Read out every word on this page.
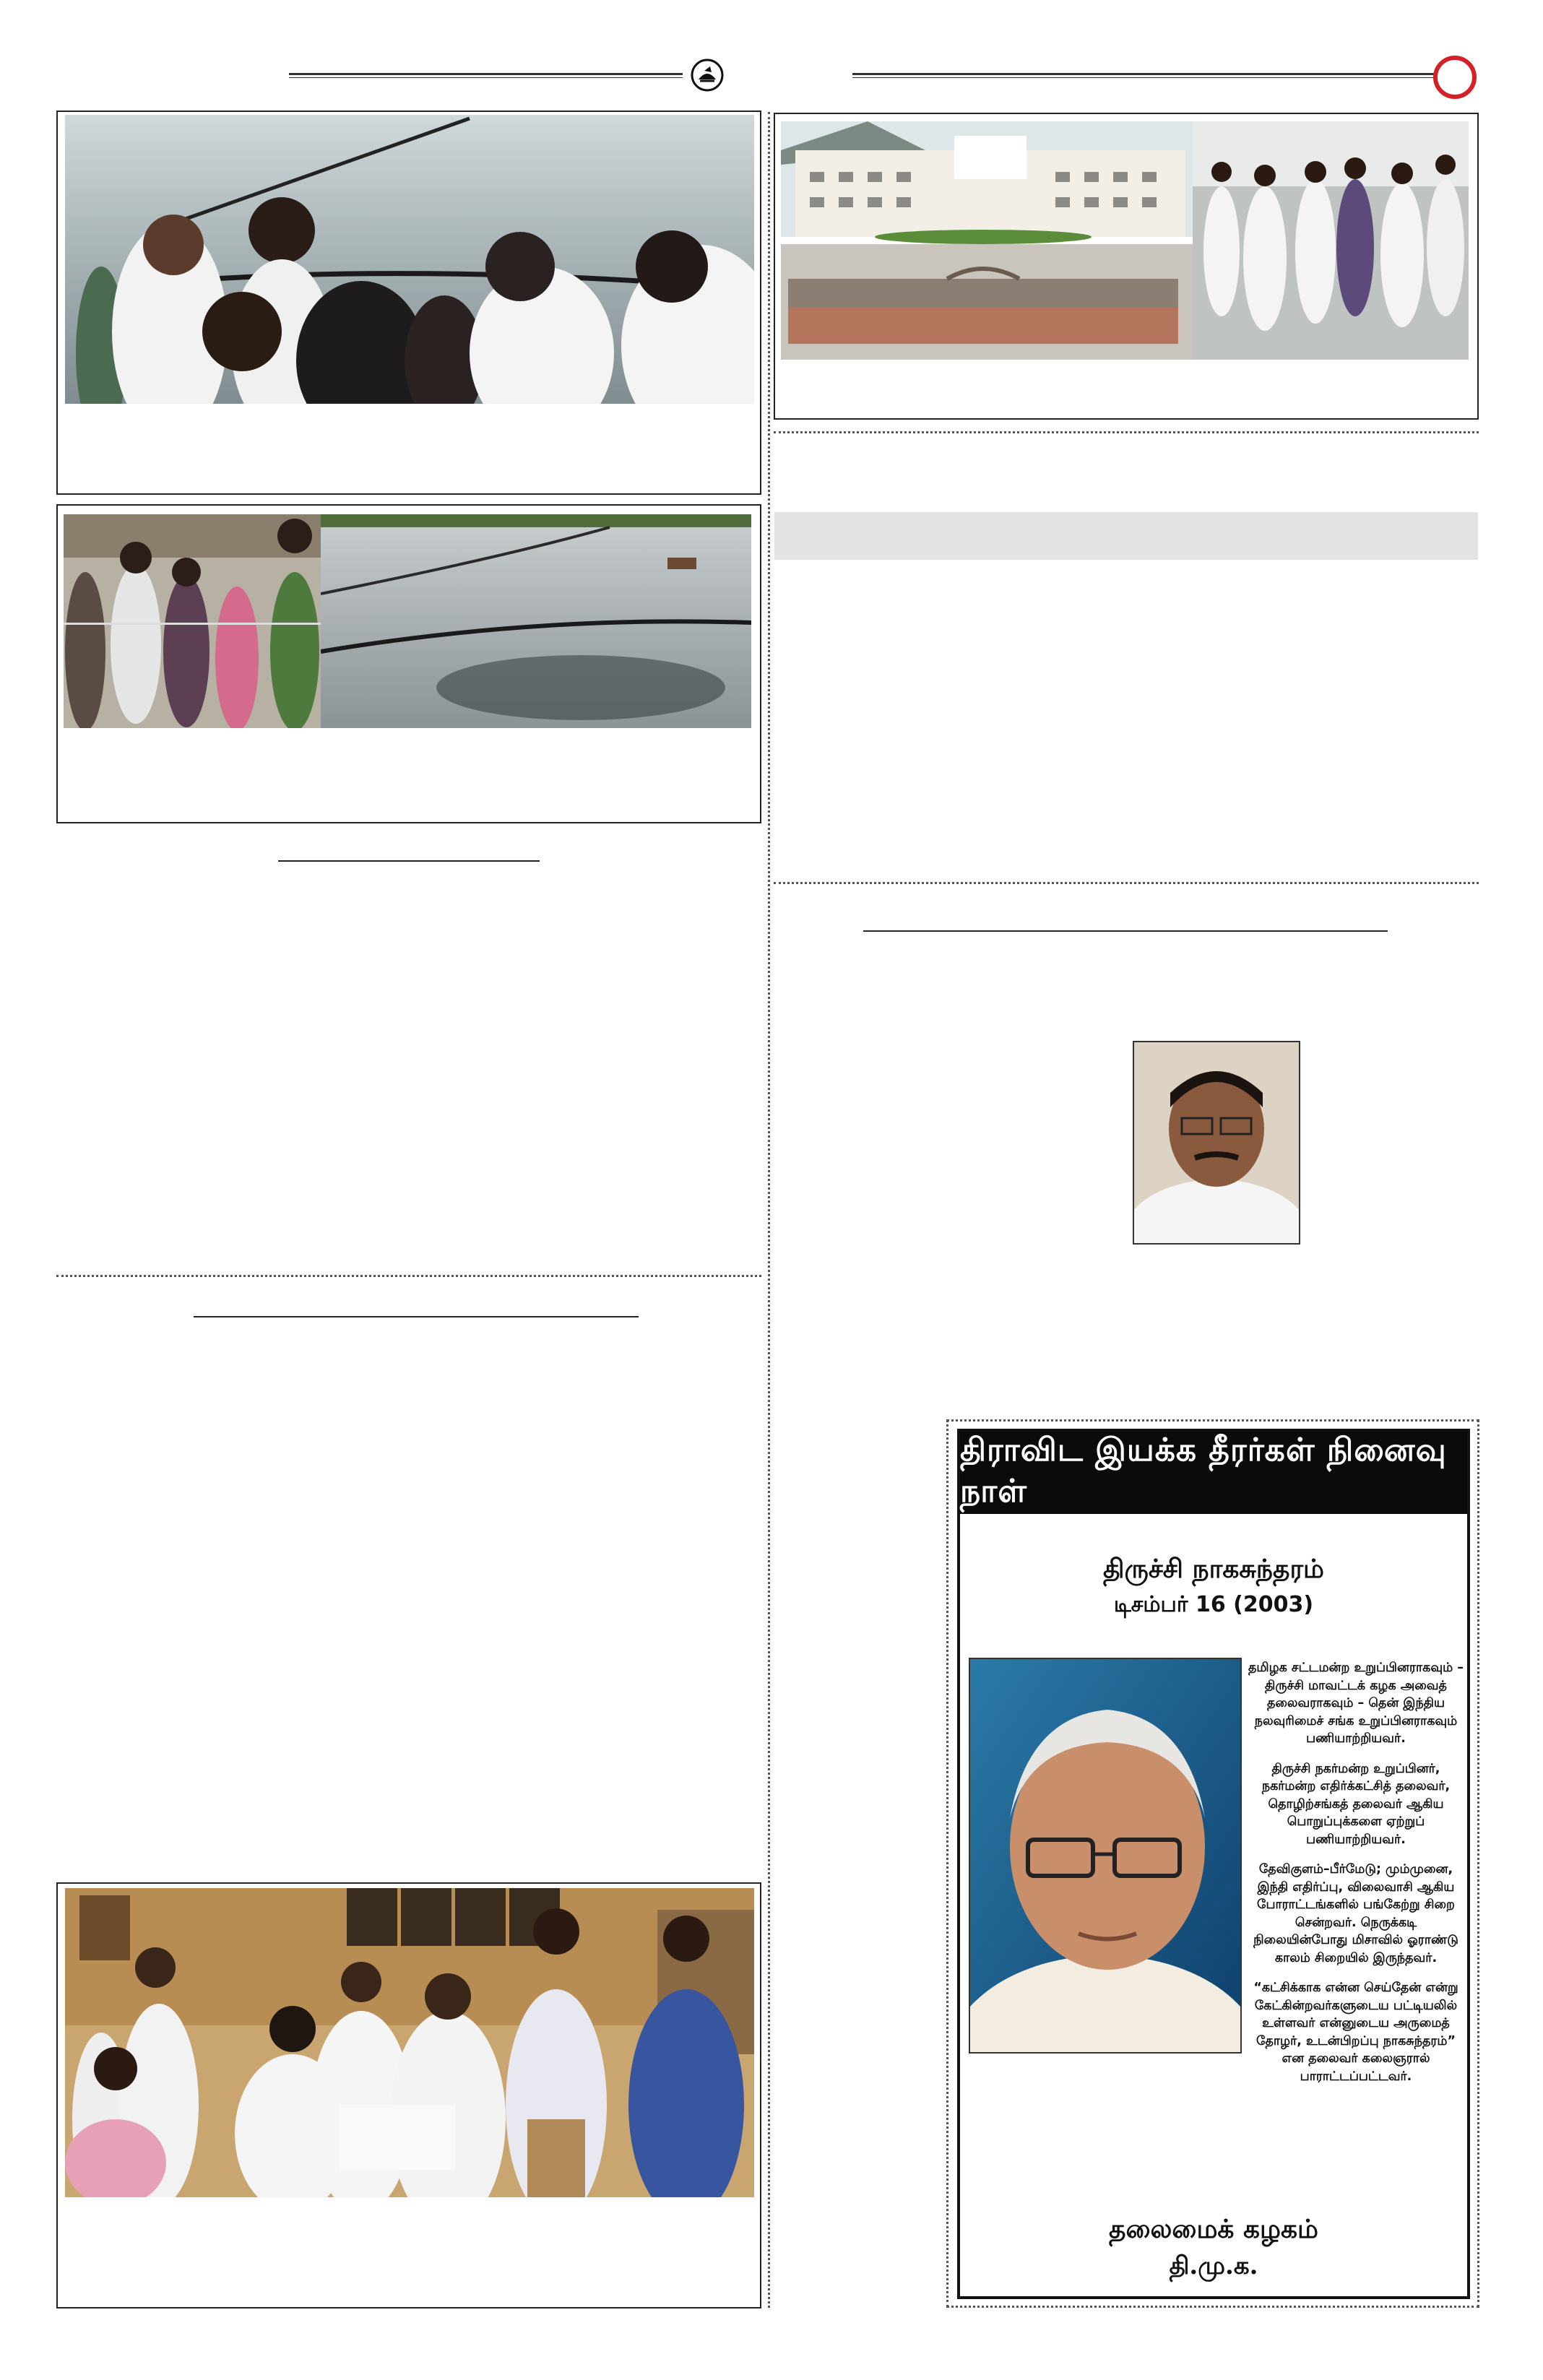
திராவிட இயக்க தீரர்கள் நினைவு நாள்
திருச்சி நாகசுந்தரம்
டிசம்பர் 16 (2003)

தமிழக சட்டமன்ற உறுப்பினராகவும் – திருச்சி மாவட்டக் கழக அவைத் தலைவராகவும் – தென் இந்திய நலவுரிமைச் சங்க உறுப்பினராகவும் பணியாற்றியவர்.

திருச்சி நகர்மன்ற உறுப்பினர், நகர்மன்ற எதிர்க்கட்சித் தலைவர், தொழிற்சங்கத் தலைவர் ஆகிய பொறுப்புக்களை ஏற்றுப் பணியாற்றியவர்.

தேவிகுளம்–பீர்மேடு; மும்முனை, இந்தி எதிர்ப்பு, விலைவாசி ஆகிய போராட்டங்களில் பங்கேற்று சிறை சென்றவர். நெருக்கடி நிலையின்போது மிசாவில் ஓராண்டு காலம் சிறையில் இருந்தவர்.

“கட்சிக்காக என்ன செய்தேன் என்று கேட்கின்றவர்களுடைய பட்டியலில் உள்ளவர் என்னுடைய அருமைத் தோழர், உடன்பிறப்பு நாகசுந்தரம்” என தலைவர் கலைஞரால் பாராட்டப்பட்டவர்.

தலைமைக் கழகம்
தி.மு.க.
